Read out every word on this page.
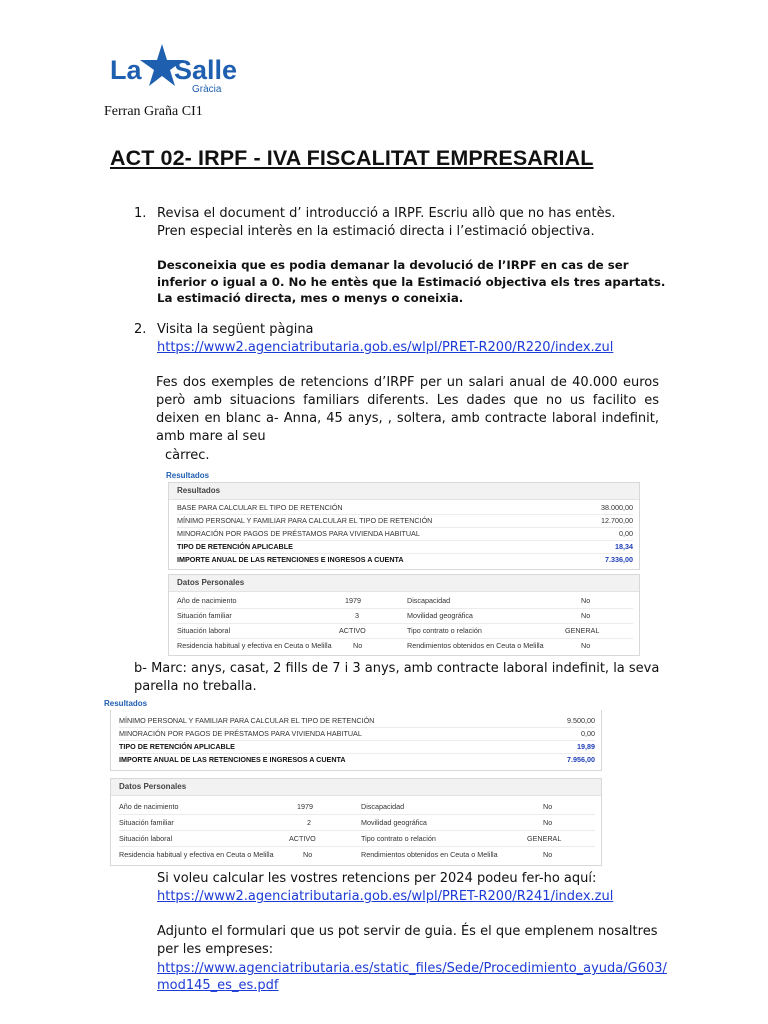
La Salle
Gràcia
Ferran Graña CI1
ACT 02- IRPF - IVA FISCALITAT EMPRESARIAL
1. Revisa el document d’ introducció a IRPF. Escriu allò que no has entès. Pren especial interès en la estimació directa i l’estimació objectiva.
Desconeixia que es podia demanar la devolució de l’IRPF en cas de ser inferior o igual a 0. No he entès que la Estimació objectiva els tres apartats. La estimació directa, mes o menys o coneixia.
2. Visita la següent pàgina
https://www2.agenciatributaria.gob.es/wlpl/PRET-R200/R220/index.zul
Fes dos exemples de retencions d’IRPF per un salari anual de 40.000 euros però amb situacions familiars diferents. Les dades que no us facilito es deixen en blanc a- Anna, 45 anys, , soltera, amb contracte laboral indefinit, amb mare al seu
càrrec.
Resultados
Resultados
BASE PARA CALCULAR EL TIPO DE RETENCIÓN	38.000,00
MÍNIMO PERSONAL Y FAMILIAR PARA CALCULAR EL TIPO DE RETENCIÓN	12.700,00
MINORACIÓN POR PAGOS DE PRÉSTAMOS PARA VIVIENDA HABITUAL	0,00
TIPO DE RETENCIÓN APLICABLE	18,34
IMPORTE ANUAL DE LAS RETENCIONES E INGRESOS A CUENTA	7.336,00
Datos Personales
Año de nacimiento	1979	Discapacidad	No
Situación familiar	3	Movilidad geográfica	No
Situación laboral	ACTIVO	Tipo contrato o relación	GENERAL
Residencia habitual y efectiva en Ceuta o Melilla	No	Rendimientos obtenidos en Ceuta o Melilla	No
b- Marc: anys, casat, 2 fills de 7 i 3 anys, amb contracte laboral indefinit, la seva parella no treballa.
Resultados
MÍNIMO PERSONAL Y FAMILIAR PARA CALCULAR EL TIPO DE RETENCIÓN	9.500,00
MINORACIÓN POR PAGOS DE PRÉSTAMOS PARA VIVIENDA HABITUAL	0,00
TIPO DE RETENCIÓN APLICABLE	19,89
IMPORTE ANUAL DE LAS RETENCIONES E INGRESOS A CUENTA	7.956,00
Datos Personales
Año de nacimiento	1979	Discapacidad	No
Situación familiar	2	Movilidad geográfica	No
Situación laboral	ACTIVO	Tipo contrato o relación	GENERAL
Residencia habitual y efectiva en Ceuta o Melilla	No	Rendimientos obtenidos en Ceuta o Melilla	No
Si voleu calcular les vostres retencions per 2024 podeu fer-ho aquí:
https://www2.agenciatributaria.gob.es/wlpl/PRET-R200/R241/index.zul
Adjunto el formulari que us pot servir de guia. És el que emplenem nosaltres per les empreses:
https://www.agenciatributaria.es/static_files/Sede/Procedimiento_ayuda/G603/
mod145_es_es.pdf
